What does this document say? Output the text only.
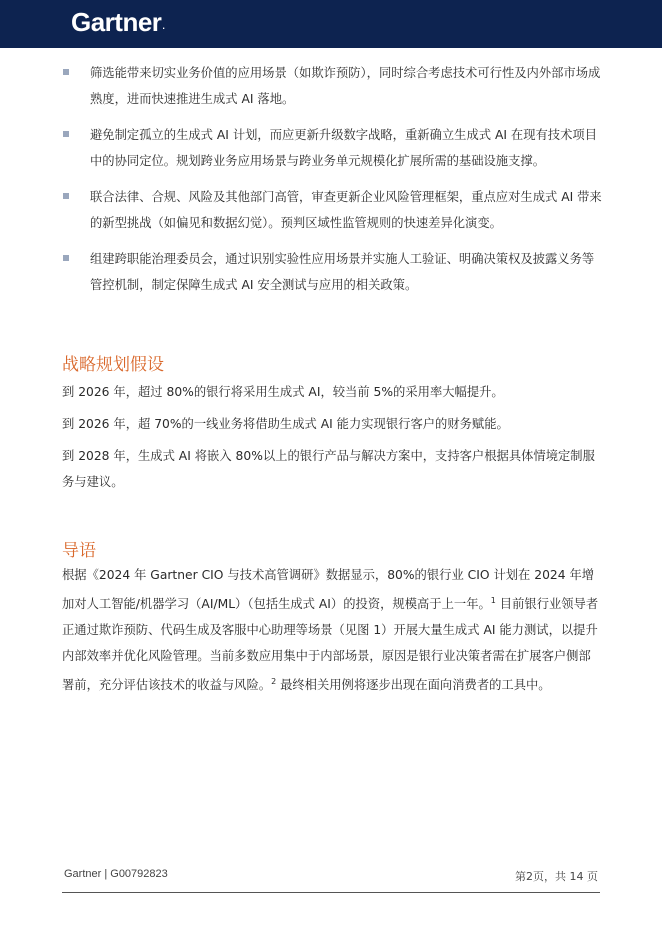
Gartner.
筛选能带来切实业务价值的应用场景（如欺诈预防），同时综合考虑技术可行性及内外部市场成熟度，进而快速推进生成式 AI 落地。
避免制定孤立的生成式 AI 计划，而应更新升级数字战略，重新确立生成式 AI 在现有技术项目中的协同定位。规划跨业务应用场景与跨业务单元规模化扩展所需的基础设施支撑。
联合法律、合规、风险及其他部门高管，审查更新企业风险管理框架，重点应对生成式 AI 带来的新型挑战（如偏见和数据幻觉）。预判区域性监管规则的快速差异化演变。
组建跨职能治理委员会，通过识别实验性应用场景并实施人工验证、明确决策权及披露义务等管控机制，制定保障生成式 AI 安全测试与应用的相关政策。
战略规划假设
到 2026 年，超过 80%的银行将采用生成式 AI，较当前 5%的采用率大幅提升。
到 2026 年，超 70%的一线业务将借助生成式 AI 能力实现银行客户的财务赋能。
到 2028 年，生成式 AI 将嵌入 80%以上的银行产品与解决方案中，支持客户根据具体情境定制服务与建议。
导语
根据《2024 年 Gartner CIO 与技术高管调研》数据显示，80%的银行业 CIO 计划在 2024 年增加对人工智能/机器学习（AI/ML）（包括生成式 AI）的投资，规模高于上一年。$^1$ 目前银行业领导者正通过欺诈预防、代码生成及客服中心助理等场景（见图 1）开展大量生成式 AI 能力测试，以提升内部效率并优化风险管理。当前多数应用集中于内部场景，原因是银行业决策者需在扩展客户侧部署前，充分评估该技术的收益与风险。$^2$ 最终相关用例将逐步出现在面向消费者的工具中。
Gartner | G00792823	第2页，共 14 页
